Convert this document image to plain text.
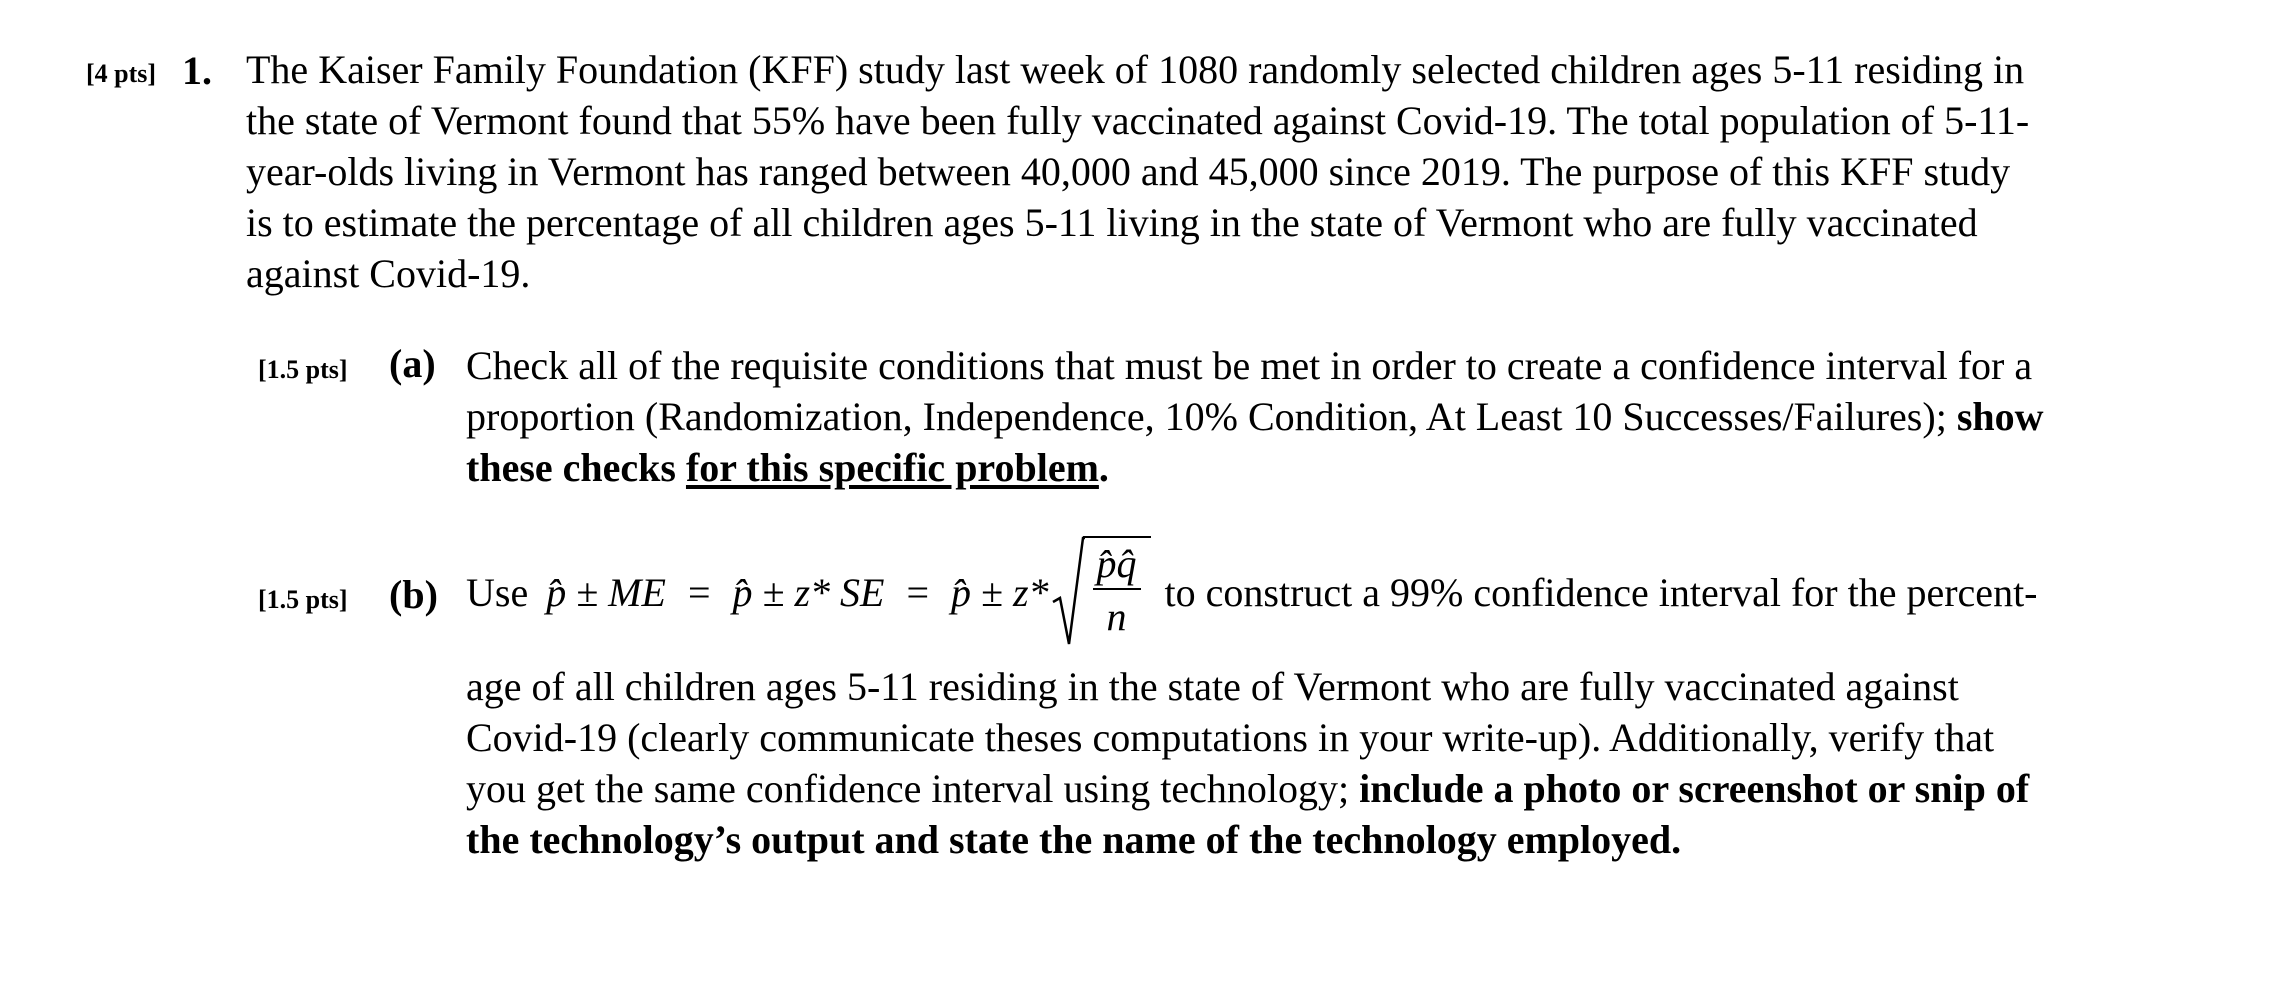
[4 pts] 1. The Kaiser Family Foundation (KFF) study last week of 1080 randomly selected children ages 5-11 residing in
the state of Vermont found that 55% have been fully vaccinated against Covid-19. The total population of 5-11-
year-olds living in Vermont has ranged between 40,000 and 45,000 since 2019. The purpose of this KFF study
is to estimate the percentage of all children ages 5-11 living in the state of Vermont who are fully vaccinated
against Covid-19.
[1.5 pts] (a) Check all of the requisite conditions that must be met in order to create a confidence interval for a
proportion (Randomization, Independence, 10% Condition, At Least 10 Successes/Failures); show
these checks for this specific problem.
[1.5 pts] (b) Use p̂ ± ME = p̂ ± z* SE = p̂ ± $z* \frac{p̂q̂}{n}$ to construct a 99% confidence interval for the percent-
age of all children ages 5-11 residing in the state of Vermont who are fully vaccinated against
Covid-19 (clearly communicate theses computations in your write-up). Additionally, verify that
you get the same confidence interval using technology; include a photo or screenshot or snip of
the technology’s output and state the name of the technology employed.
